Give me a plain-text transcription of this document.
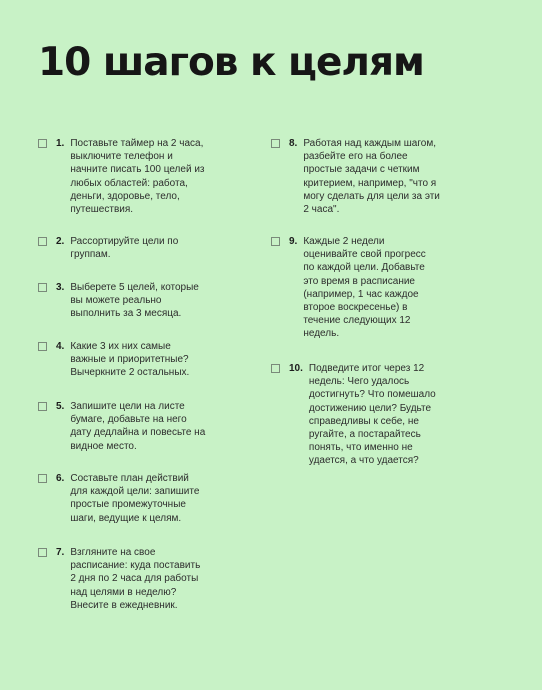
10 шагов к целям
1. Поставьте таймер на 2 часа,
выключите телефон и
начните писать 100 целей из
любых областей: работа,
деньги, здоровье, тело,
путешествия.
2. Рассортируйте цели по
группам.
3. Выберете 5 целей, которые
вы можете реально
выполнить за 3 месяца.
4. Какие 3 их них самые
важные и приоритетные?
Вычеркните 2 остальных.
5. Запишите цели на листе
бумаге, добавьте на него
дату дедлайна и повесьте на
видное место.
6. Составьте план действий
для каждой цели: запишите
простые промежуточные
шаги, ведущие к целям.
7. Взгляните на свое
расписание: куда поставить
2 дня по 2 часа для работы
над целями в неделю?
Внесите в ежедневник.
8. Работая над каждым шагом,
разбейте его на более
простые задачи с четким
критерием, например, "что я
могу сделать для цели за эти
2 часа".
9. Каждые 2 недели
оценивайте свой прогресс
по каждой цели. Добавьте
это время в расписание
(например, 1 час каждое
второе воскресенье) в
течение следующих 12
недель.
10. Подведите итог через 12
недель: Чего удалось
достигнуть? Что помешало
достижению цели? Будьте
справедливы к себе, не
ругайте, а постарайтесь
понять, что именно не
удается, а что удается?
